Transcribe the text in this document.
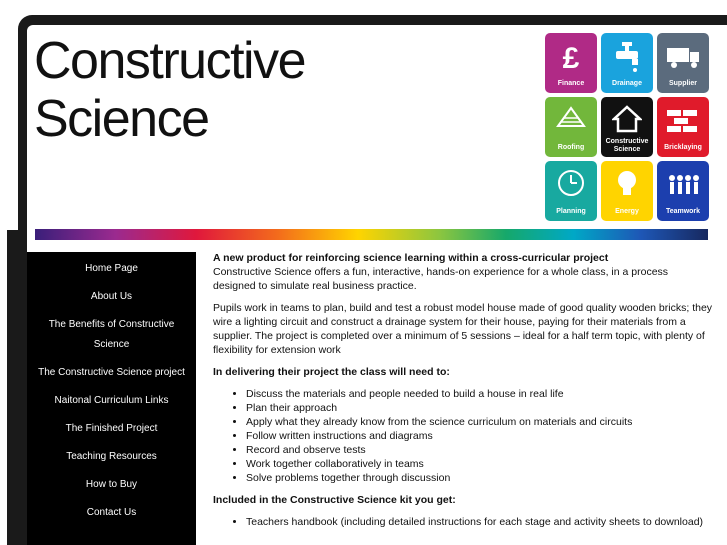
Constructive
Science
£
Finance	Drainage	Supplier
Roofing
Constructive Science	Bricklaying
Planning	Energy	Teamwork
Home Page
About Us
The Benefits of Constructive Science
The Constructive Science project
Naitonal Curriculum Links
The Finished Project
Teaching Resources
How to Buy
Contact Us

A new product for reinforcing science learning within a cross-curricular project
Constructive Science offers a fun, interactive, hands-on experience for a whole class, in a process designed to simulate real business practice.

Pupils work in teams to plan, build and test a robust model house made of good quality wooden bricks; they wire a lighting circuit and construct a drainage system for their house, paying for their materials from a supplier. The project is completed over a minimum of 5 sessions – ideal for a half term topic, with plenty of flexibility for extension work

In delivering their project the class will need to:

• Discuss the materials and people needed to build a house in real life
• Plan their approach
• Apply what they already know from the science curriculum on materials and circuits
• Follow written instructions and diagrams
• Record and observe tests
• Work together collaboratively in teams
• Solve problems together through discussion

Included in the Constructive Science kit you get:

• Teachers handbook (including detailed instructions for each stage and activity sheets to download)
